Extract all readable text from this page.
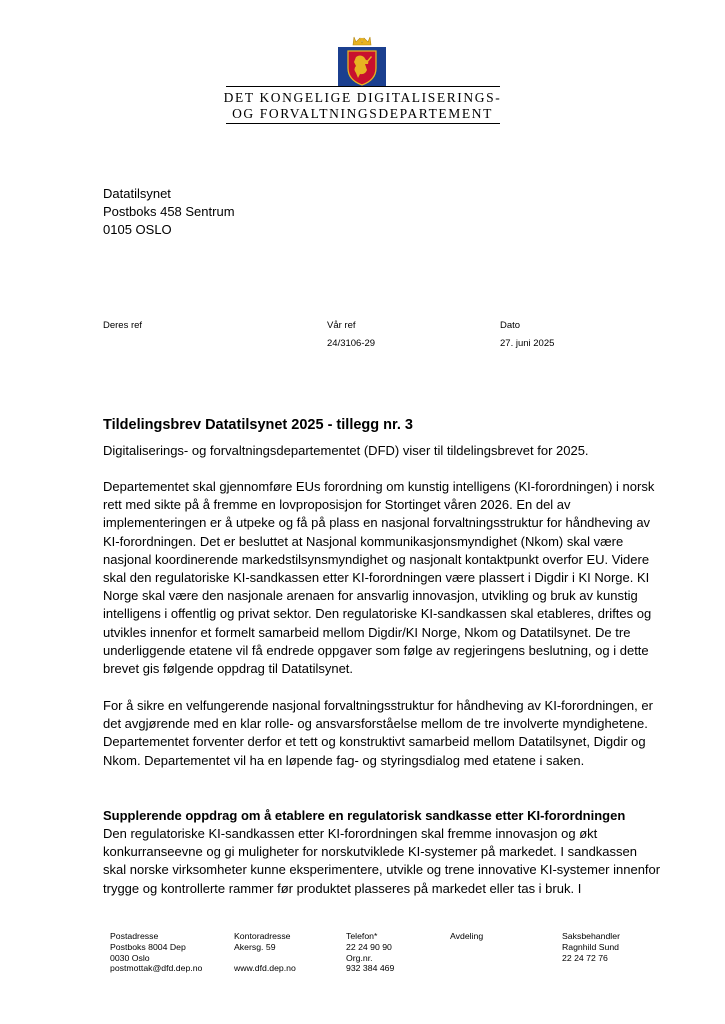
DET KONGELIGE DIGITALISERINGS-
OG FORVALTNINGSDEPARTEMENT
Datatilsynet
Postboks 458 Sentrum
0105 OSLO
Deres ref	Vår ref
24/3106-29
Dato
27. juni 2025
Tildelingsbrev Datatilsynet 2025 - tillegg nr. 3
Digitaliserings- og forvaltningsdepartementet (DFD) viser til tildelingsbrevet for 2025.
Departementet skal gjennomføre EUs forordning om kunstig intelligens (KI-forordningen) i norsk rett med sikte på å fremme en lovproposisjon for Stortinget våren 2026. En del av implementeringen er å utpeke og få på plass en nasjonal forvaltningsstruktur for håndheving av KI-forordningen. Det er besluttet at Nasjonal kommunikasjonsmyndighet (Nkom) skal være nasjonal koordinerende markedstilsynsmyndighet og nasjonalt kontaktpunkt overfor EU. Videre skal den regulatoriske KI-sandkassen etter KI-forordningen være plassert i Digdir i KI Norge. KI Norge skal være den nasjonale arenaen for ansvarlig innovasjon, utvikling og bruk av kunstig intelligens i offentlig og privat sektor. Den regulatoriske KI-sandkassen skal etableres, driftes og utvikles innenfor et formelt samarbeid mellom Digdir/KI Norge, Nkom og Datatilsynet. De tre underliggende etatene vil få endrede oppgaver som følge av regjeringens beslutning, og i dette brevet gis følgende oppdrag til Datatilsynet.
For å sikre en velfungerende nasjonal forvaltningsstruktur for håndheving av KI-forordningen, er det avgjørende med en klar rolle- og ansvarsforståelse mellom de tre involverte myndighetene. Departementet forventer derfor et tett og konstruktivt samarbeid mellom Datatilsynet, Digdir og Nkom. Departementet vil ha en løpende fag- og styringsdialog med etatene i saken.
Supplerende oppdrag om å etablere en regulatorisk sandkasse etter KI-forordningen
Den regulatoriske KI-sandkassen etter KI-forordningen skal fremme innovasjon og økt konkurranseevne og gi muligheter for norskutviklede KI-systemer på markedet. I sandkassen skal norske virksomheter kunne eksperimentere, utvikle og trene innovative KI-systemer innenfor trygge og kontrollerte rammer før produktet plasseres på markedet eller tas i bruk. I
Postadresse
Postboks 8004 Dep
0030 Oslo
postmottak@dfd.dep.no
Kontoradresse
Akersg. 59

www.dfd.dep.no
Telefon*
22 24 90 90
Org.nr.
932 384 469
Avdeling	Saksbehandler
Ragnhild Sund
22 24 72 76
